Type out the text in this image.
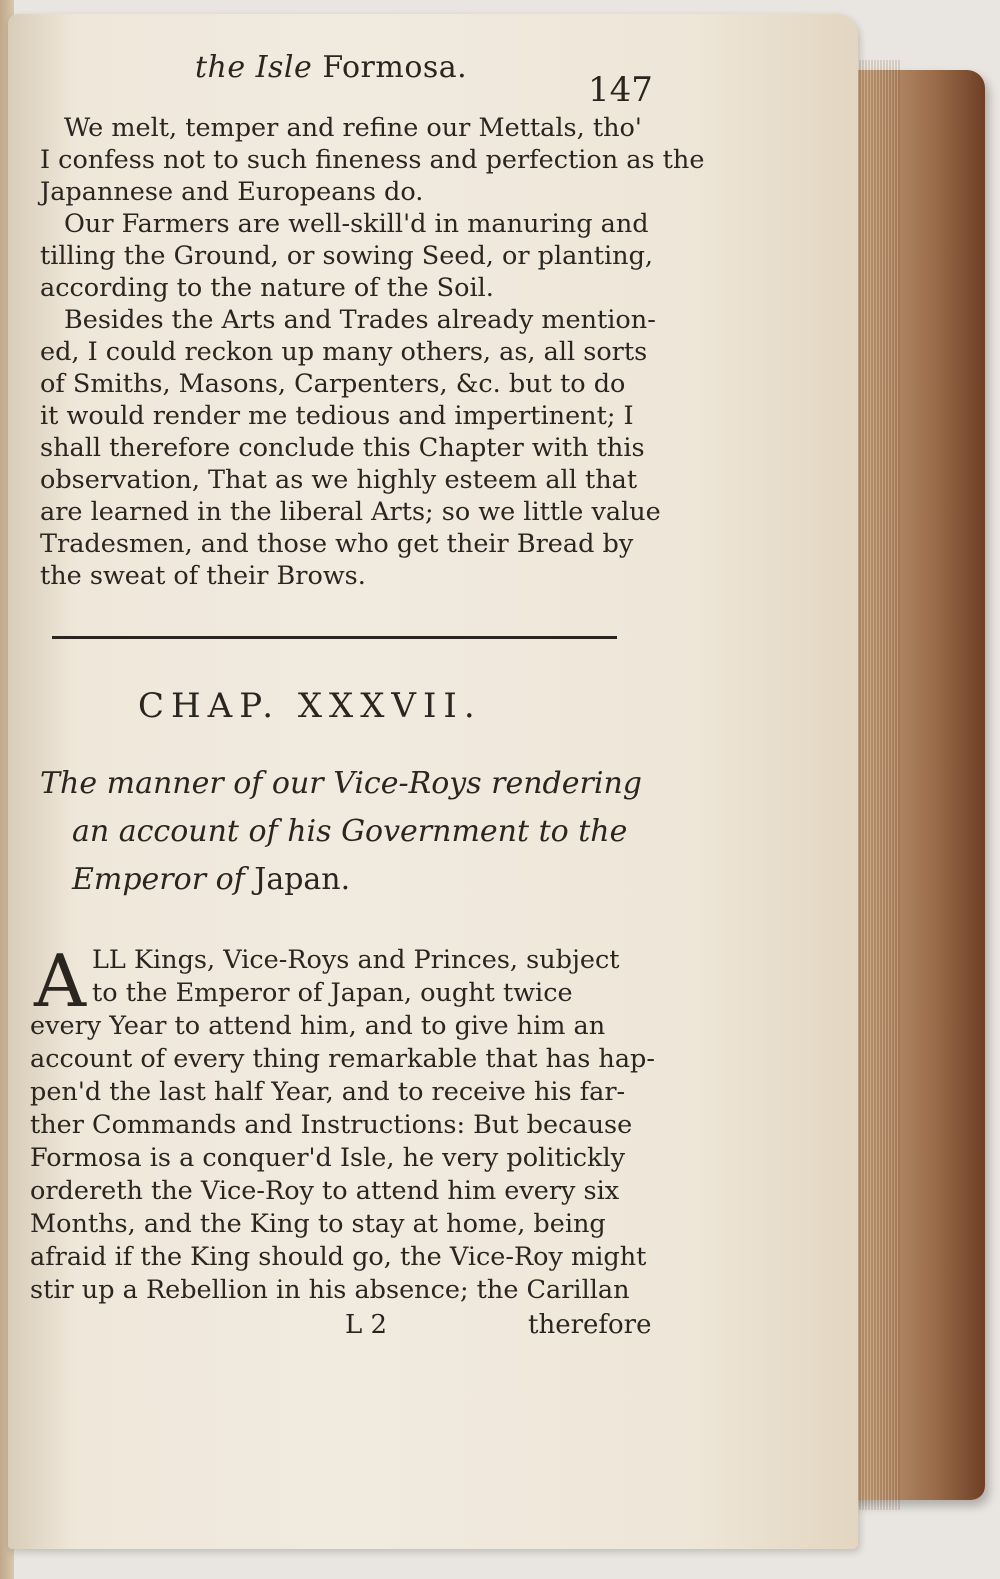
the Isle Formosa.
147
We melt, temper and refine our Mettals, tho'
I confess not to such fineness and perfection as the
Japannese and Europeans do.
Our Farmers are well-skill'd in manuring and
tilling the Ground, or sowing Seed, or planting,
according to the nature of the Soil.
Besides the Arts and Trades already mention-
ed, I could reckon up many others, as, all sorts
of Smiths, Masons, Carpenters, &c. but to do
it would render me tedious and impertinent; I
shall therefore conclude this Chapter with this
observation, That as we highly esteem all that
are learned in the liberal Arts; so we little value
Tradesmen, and those who get their Bread by
the sweat of their Brows.
CHAP. XXXVII.
The manner of our Vice-Roys rendering
an account of his Government to the
Emperor of Japan.
A LL Kings, Vice-Roys and Princes, subject
to the Emperor of Japan, ought twice
every Year to attend him, and to give him an
account of every thing remarkable that has hap-
pen'd the last half Year, and to receive his far-
ther Commands and Instructions: But because
Formosa is a conquer'd Isle, he very politickly
ordereth the Vice-Roy to attend him every six
Months, and the King to stay at home, being
afraid if the King should go, the Vice-Roy might
stir up a Rebellion in his absence; the Carillan
L 2	therefore
